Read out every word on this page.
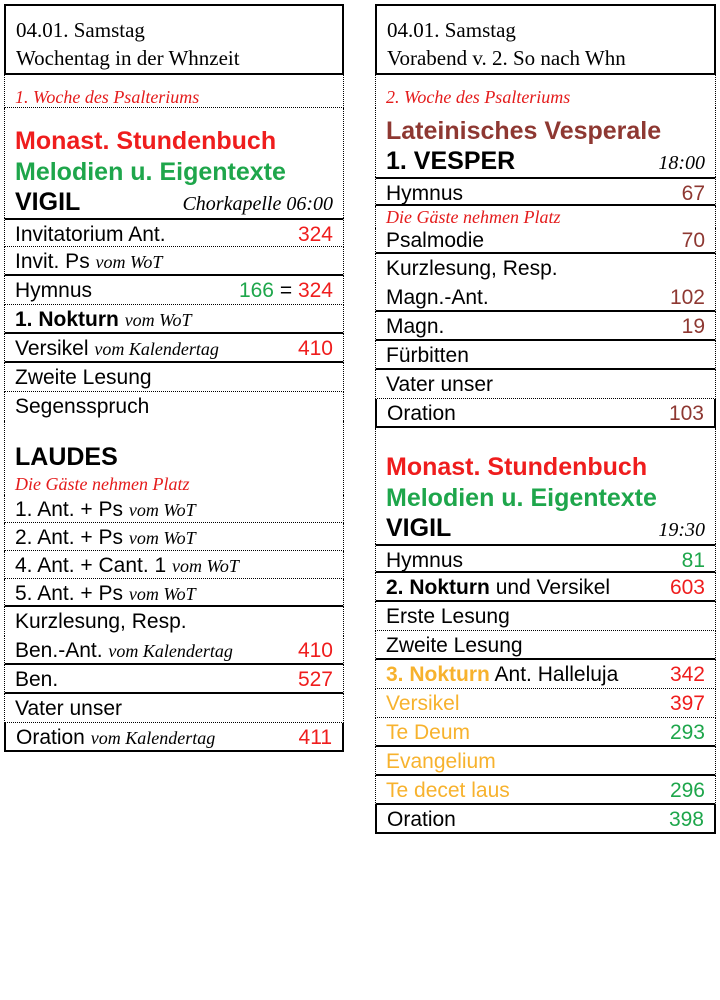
04.01. Samstag
Wochentag in der Whnzeit
1. Woche des Psalteriums
Monast. Stundenbuch
Melodien u. Eigentexte
VIGIL	Chorkapelle 06:00
Invitatorium Ant.	324
Invit. Ps vom WoT
Hymnus	166 = 324
1. Nokturn vom WoT
Versikel vom Kalendertag	410
Zweite Lesung
Segensspruch
LAUDES
Die Gäste nehmen Platz
1. Ant. + Ps vom WoT
2. Ant. + Ps vom WoT
4. Ant. + Cant. 1 vom WoT
5. Ant. + Ps vom WoT
Kurzlesung, Resp.
Ben.-Ant. vom Kalendertag	410
Ben.	527
Vater unser
Oration vom Kalendertag	411
04.01. Samstag
Vorabend v. 2. So nach Whn
2. Woche des Psalteriums
Lateinisches Vesperale
1. VESPER	18:00
Hymnus	67
Die Gäste nehmen Platz
Psalmodie	70
Kurzlesung, Resp.
Magn.-Ant.	102
Magn.	19
Fürbitten
Vater unser
Oration	103
Monast. Stundenbuch
Melodien u. Eigentexte
VIGIL	19:30
Hymnus	81
2. Nokturn und Versikel	603
Erste Lesung
Zweite Lesung
3. Nokturn Ant. Halleluja 342
Versikel	397
Te Deum	293
Evangelium
Te decet laus	296
Oration	398
